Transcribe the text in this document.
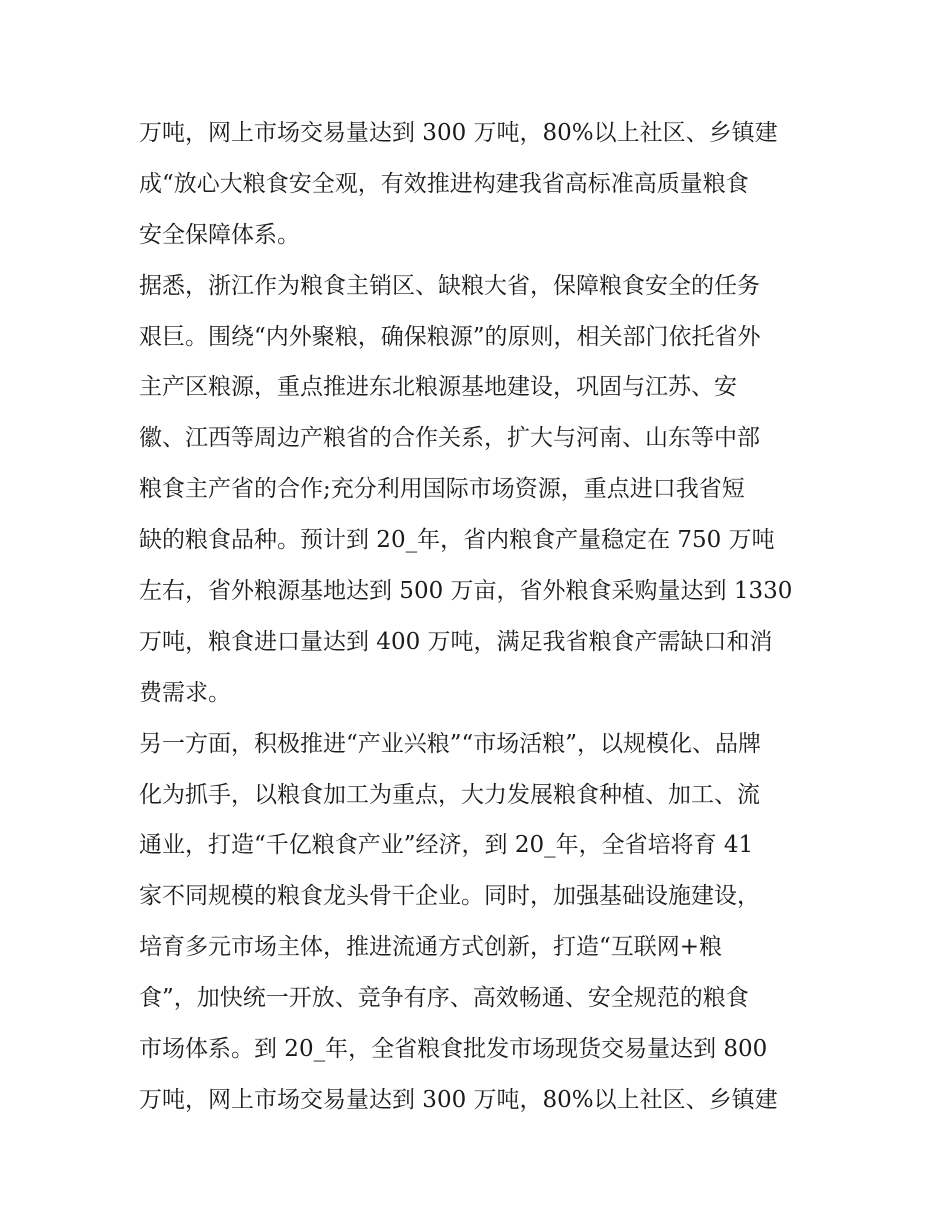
万吨，网上市场交易量达到 300 万吨，80%以上社区、乡镇建
成“放心大粮食安全观，有效推进构建我省高标准高质量粮食
安全保障体系。
据悉，浙江作为粮食主销区、缺粮大省，保障粮食安全的任务
艰巨。围绕“内外聚粮，确保粮源”的原则，相关部门依托省外
主产区粮源，重点推进东北粮源基地建设，巩固与江苏、安
徽、江西等周边产粮省的合作关系，扩大与河南、山东等中部
粮食主产省的合作;充分利用国际市场资源，重点进口我省短
缺的粮食品种。预计到 20_年，省内粮食产量稳定在 750 万吨
左右，省外粮源基地达到 500 万亩，省外粮食采购量达到 1330
万吨，粮食进口量达到 400 万吨，满足我省粮食产需缺口和消
费需求。
另一方面，积极推进“产业兴粮”“市场活粮”，以规模化、品牌
化为抓手，以粮食加工为重点，大力发展粮食种植、加工、流
通业，打造“千亿粮食产业”经济，到 20_年，全省培将育 41
家不同规模的粮食龙头骨干企业。同时，加强基础设施建设，
培育多元市场主体，推进流通方式创新，打造“互联网+粮
食”，加快统一开放、竞争有序、高效畅通、安全规范的粮食
市场体系。到 20_年，全省粮食批发市场现货交易量达到 800
万吨，网上市场交易量达到 300 万吨，80%以上社区、乡镇建
